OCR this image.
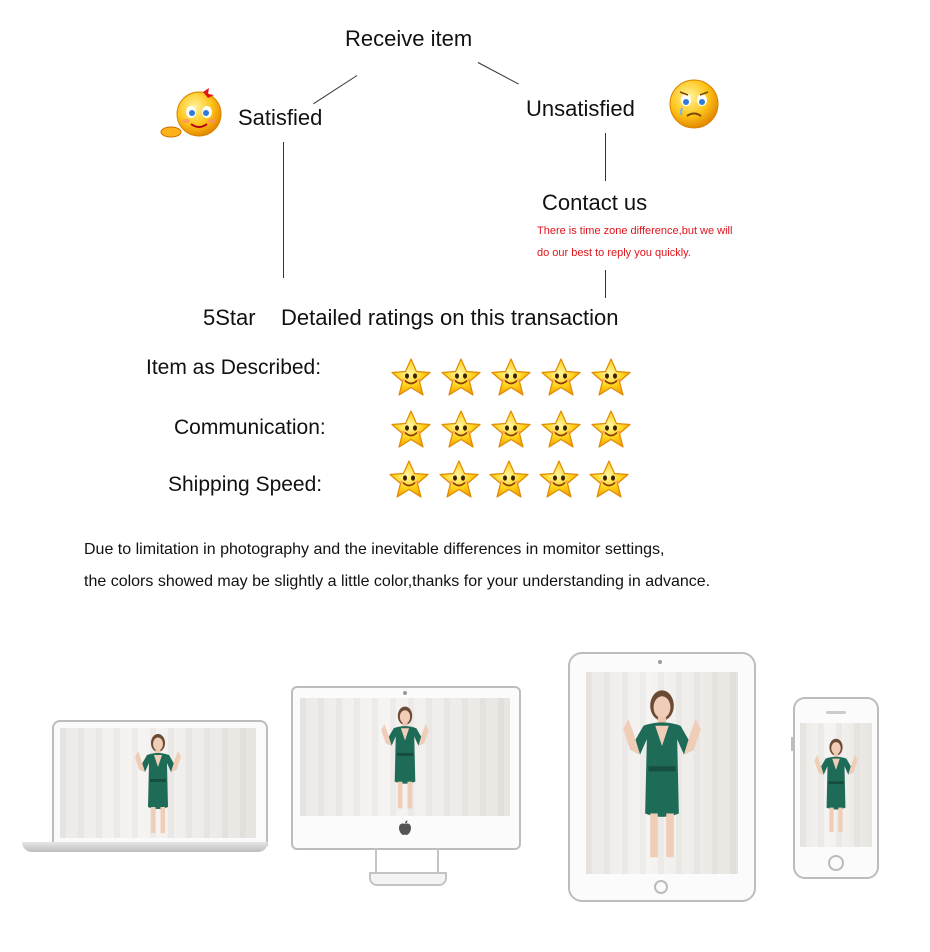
Receive item
Satisfied	Unsatisfied
Contact us
There is time zone difference,but we will
do our best to reply you quickly.
5Star Detailed ratings on this transaction
Item as Described:
Communication:
Shipping Speed:
Due to limitation in photography and the inevitable differences in momitor settings,
the colors showed may be slightly a little color,thanks for your understanding in advance.
